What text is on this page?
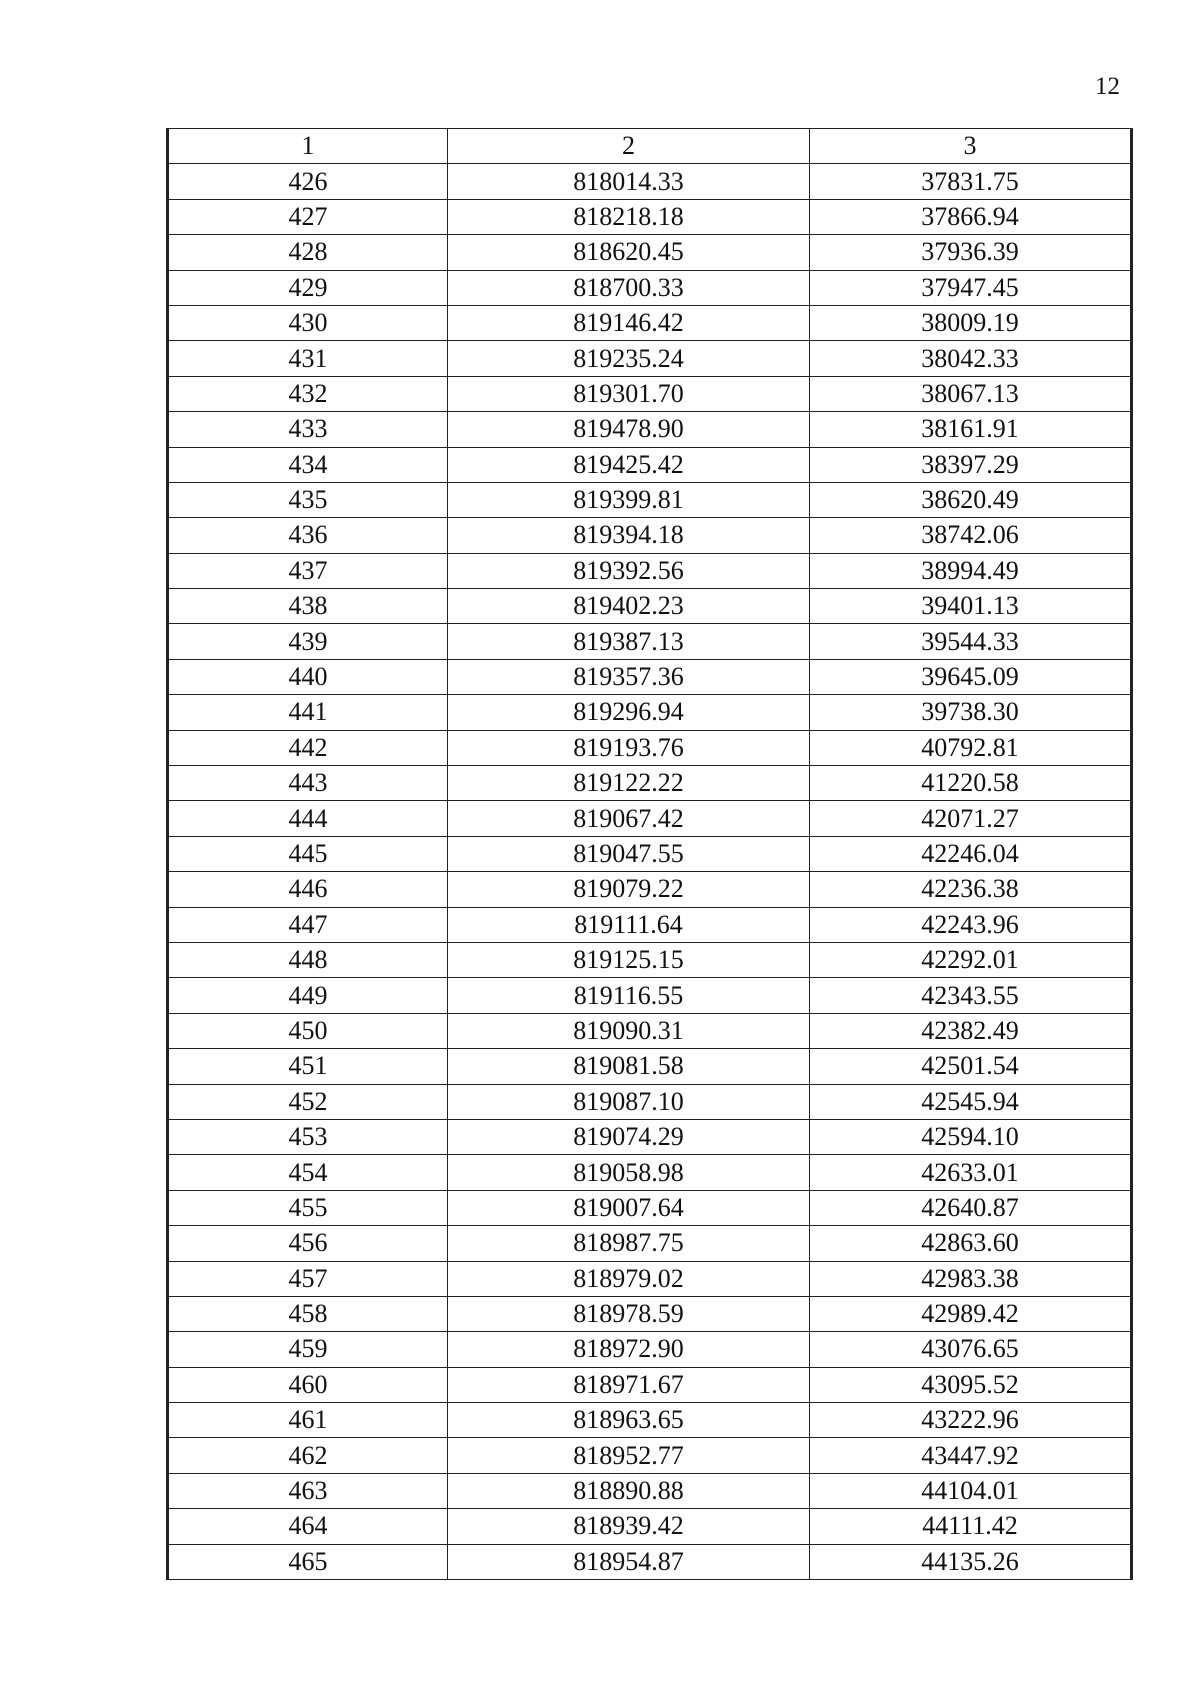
12
1	2	3
426	818014.33	37831.75
427	818218.18	37866.94
428	818620.45	37936.39
429	818700.33	37947.45
430	819146.42	38009.19
431	819235.24	38042.33
432	819301.70	38067.13
433	819478.90	38161.91
434	819425.42	38397.29
435	819399.81	38620.49
436	819394.18	38742.06
437	819392.56	38994.49
438	819402.23	39401.13
439	819387.13	39544.33
440	819357.36	39645.09
441	819296.94	39738.30
442	819193.76	40792.81
443	819122.22	41220.58
444	819067.42	42071.27
445	819047.55	42246.04
446	819079.22	42236.38
447	819111.64	42243.96
448	819125.15	42292.01
449	819116.55	42343.55
450	819090.31	42382.49
451	819081.58	42501.54
452	819087.10	42545.94
453	819074.29	42594.10
454	819058.98	42633.01
455	819007.64	42640.87
456	818987.75	42863.60
457	818979.02	42983.38
458	818978.59	42989.42
459	818972.90	43076.65
460	818971.67	43095.52
461	818963.65	43222.96
462	818952.77	43447.92
463	818890.88	44104.01
464	818939.42	44111.42
465	818954.87	44135.26
